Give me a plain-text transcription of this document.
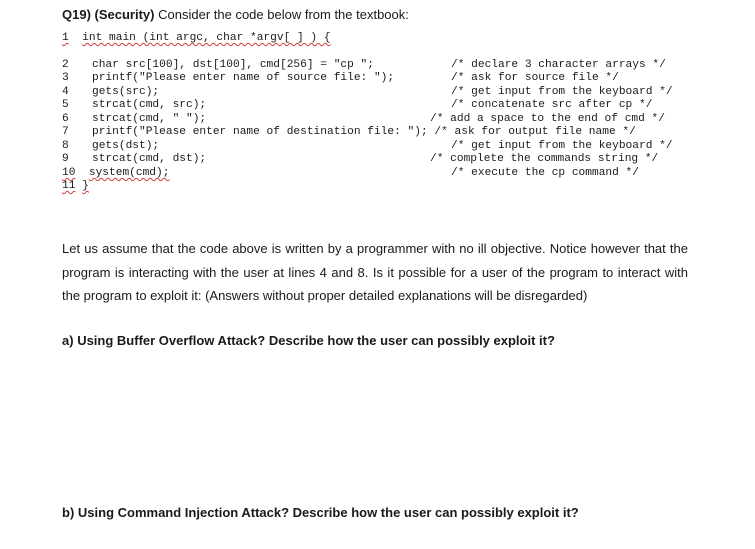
Q19) (Security) Consider the code below from the textbook:
1 int main (int argc, char *argv[ ] ) {
2 char src[100], dst[100], cmd[256] = "cp ";
3 printf("Please enter name of source file: ");
4 gets(src);
5 strcat(cmd, src);
6 strcat(cmd, " ");
7 printf("Please enter name of destination file: "); /* ask for output file name */
8 gets(dst);
9 strcat(cmd, dst);
10 system(cmd);
11 }
/* declare 3 character arrays */
/* ask for source file */
/* get input from the keyboard */
/* concatenate src after cp */
/* add a space to the end of cmd */
/* get input from the keyboard */
/* complete the commands string */
/* execute the cp command */
Let us assume that the code above is written by a programmer with no ill objective. Notice however that the program is interacting with the user at lines 4 and 8. Is it possible for a user of the program to interact with the program to exploit it: (Answers without proper detailed explanations will be disregarded)
a) Using Buffer Overflow Attack? Describe how the user can possibly exploit it?
b) Using Command Injection Attack? Describe how the user can possibly exploit it?
